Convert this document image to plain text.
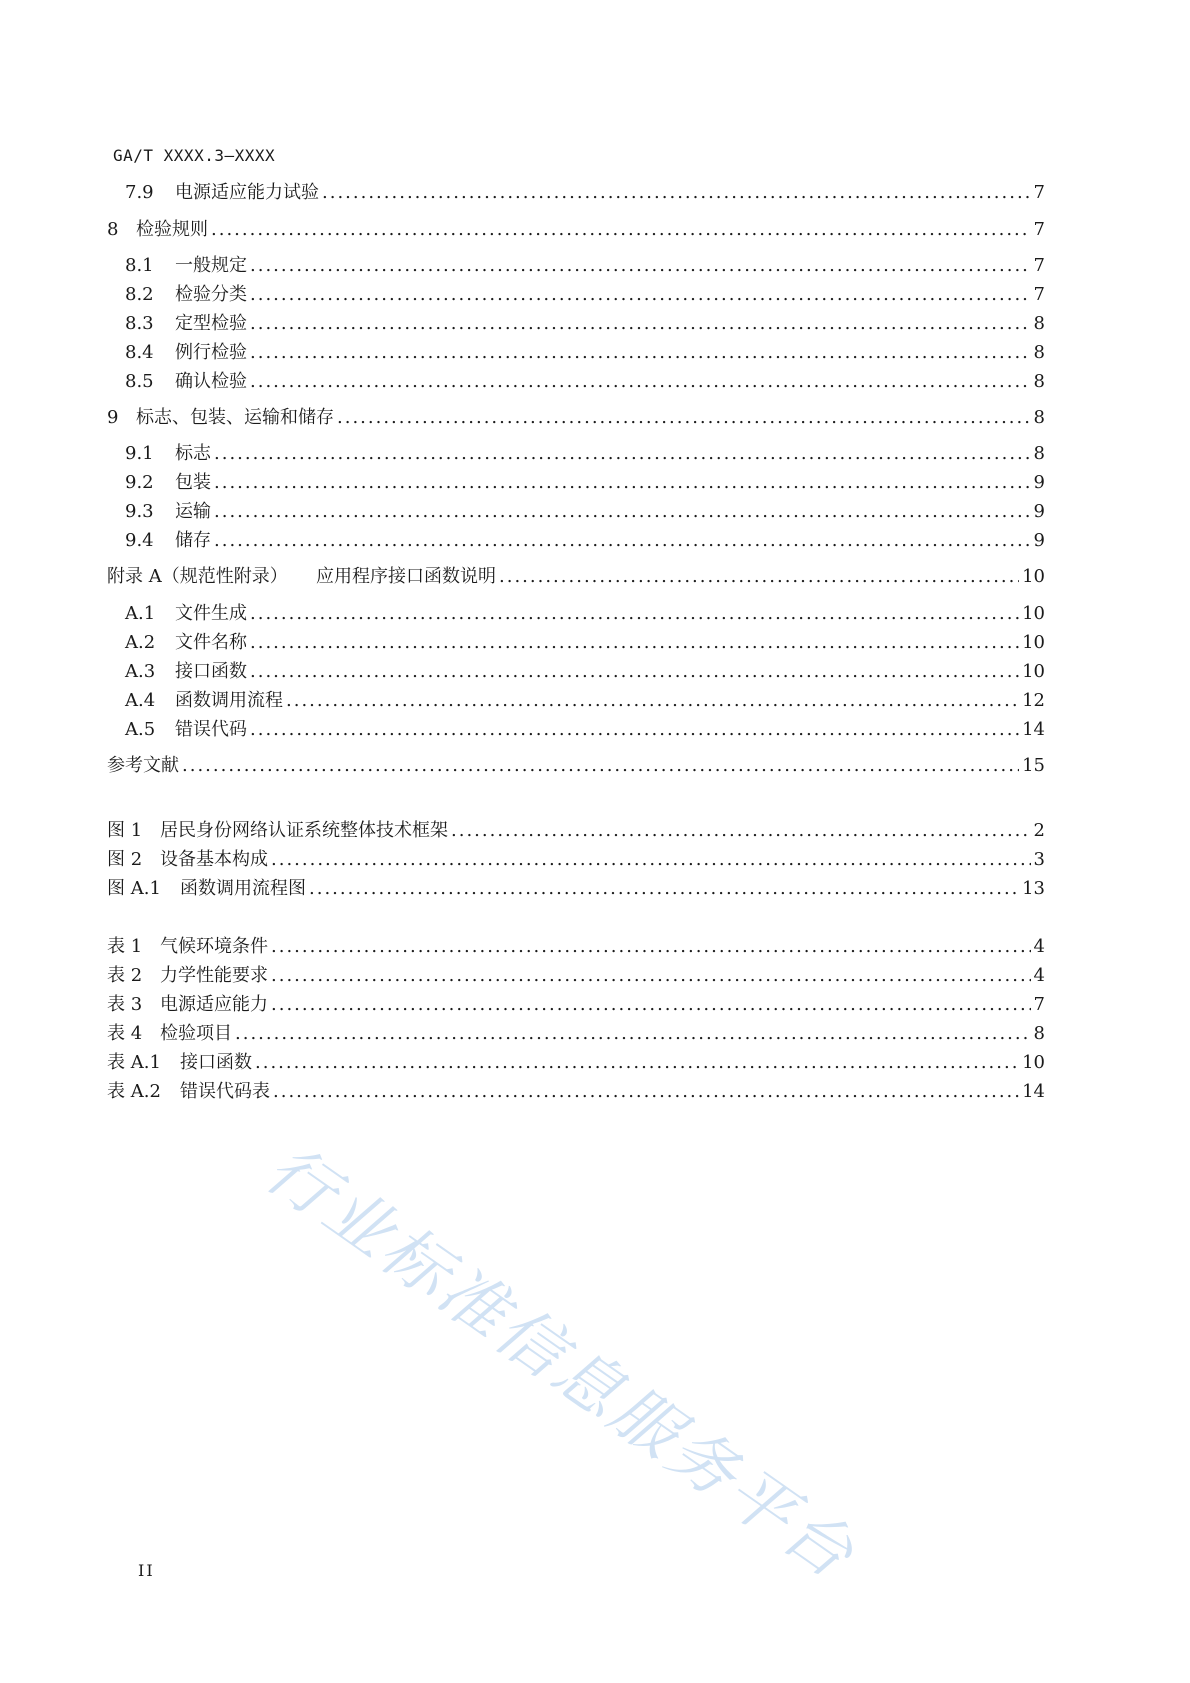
GA/T XXXX.3—XXXX
7.9	电源适应能力试验 .....	7
8 检验规则 .....	7
8.1	一般规定 .....	7
8.2	检验分类 .....	7
8.3	定型检验 .....	8
8.4	例行检验 .....	8
8.5	确认检验 .....	8
9 标志、包装、运输和储存 .....	8
9.1	标志 .....	8
9.2	包装 .....	9
9.3	运输 .....	9
9.4	储存 .....	9
附录 A（规范性附录）	应用程序接口函数说明 .....	10
A.1	文件生成 .....	10
A.2	文件名称 .....	10
A.3	接口函数 .....	10
A.4	函数调用流程 .....	12
A.5	错误代码 .....	14
参考文献 .....	15
图 1 居民身份网络认证系统整体技术框架 .....	2
图 2 设备基本构成 .....	3
图 A.1	函数调用流程图 .....	13
表 1 气候环境条件 .....	4
表 2 力学性能要求 .....	4
表 3 电源适应能力 .....	7
表 4 检验项目 .....	8
表 A.1	接口函数 .....	10
表 A.2	错误代码表 .....	14
行业标准信息服务平台
II
